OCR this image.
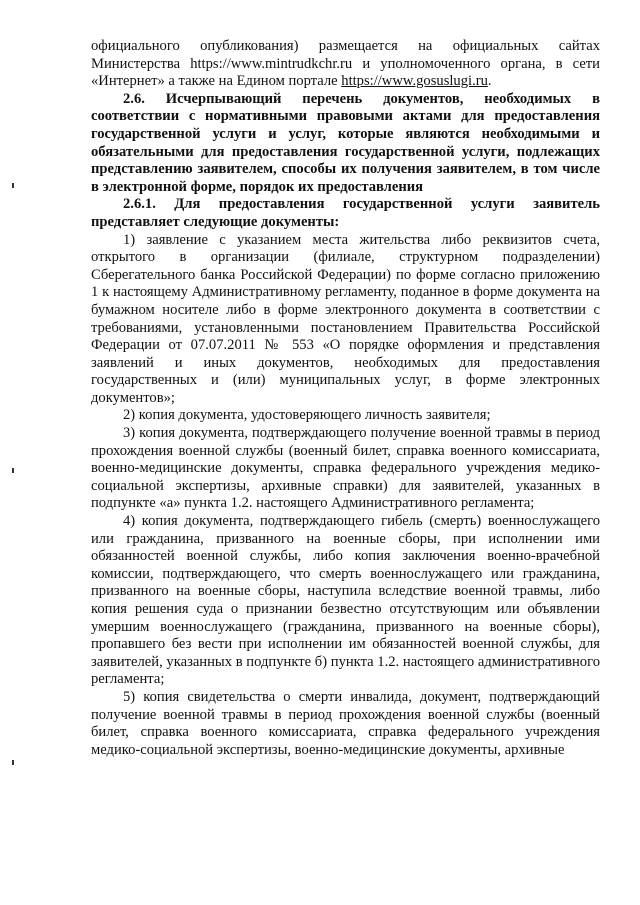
официального опубликования) размещается на официальных сайтах Министерства https://www.mintrudkchr.ru и уполномоченного органа, в сети «Интернет» а также на Едином портале https://www.gosuslugi.ru.

2.6. Исчерпывающий перечень документов, необходимых в соответствии с нормативными правовыми актами для предоставления государственной услуги и услуг, которые являются необходимыми и обязательными для предоставления государственной услуги, подлежащих представлению заявителем, способы их получения заявителем, в том числе в электронной форме, порядок их предоставления

2.6.1. Для предоставления государственной услуги заявитель представляет следующие документы:

1) заявление с указанием места жительства либо реквизитов счета, открытого в организации (филиале, структурном подразделении) Сберегательного банка Российской Федерации) по форме согласно приложению 1 к настоящему Административному регламенту, поданное в форме документа на бумажном носителе либо в форме электронного документа в соответствии с требованиями, установленными постановлением Правительства Российской Федерации от 07.07.2011 № 553 «О порядке оформления и представления заявлений и иных документов, необходимых для предоставления государственных и (или) муниципальных услуг, в форме электронных документов»;

2) копия документа, удостоверяющего личность заявителя;

3) копия документа, подтверждающего получение военной травмы в период прохождения военной службы (военный билет, справка военного комиссариата, военно-медицинские документы, справка федерального учреждения медико-социальной экспертизы, архивные справки) для заявителей, указанных в подпункте «а» пункта 1.2. настоящего Административного регламента;

4) копия документа, подтверждающего гибель (смерть) военнослужащего или гражданина, призванного на военные сборы, при исполнении ими обязанностей военной службы, либо копия заключения военно-врачебной комиссии, подтверждающего, что смерть военнослужащего или гражданина, призванного на военные сборы, наступила вследствие военной травмы, либо копия решения суда о признании безвестно отсутствующим или объявлении умершим военнослужащего (гражданина, призванного на военные сборы), пропавшего без вести при исполнении им обязанностей военной службы, для заявителей, указанных в подпункте б) пункта 1.2. настоящего административного регламента;

5) копия свидетельства о смерти инвалида, документ, подтверждающий получение военной травмы в период прохождения военной службы (военный билет, справка военного комиссариата, справка федерального учреждения медико-социальной экспертизы, военно-медицинские документы, архивные
